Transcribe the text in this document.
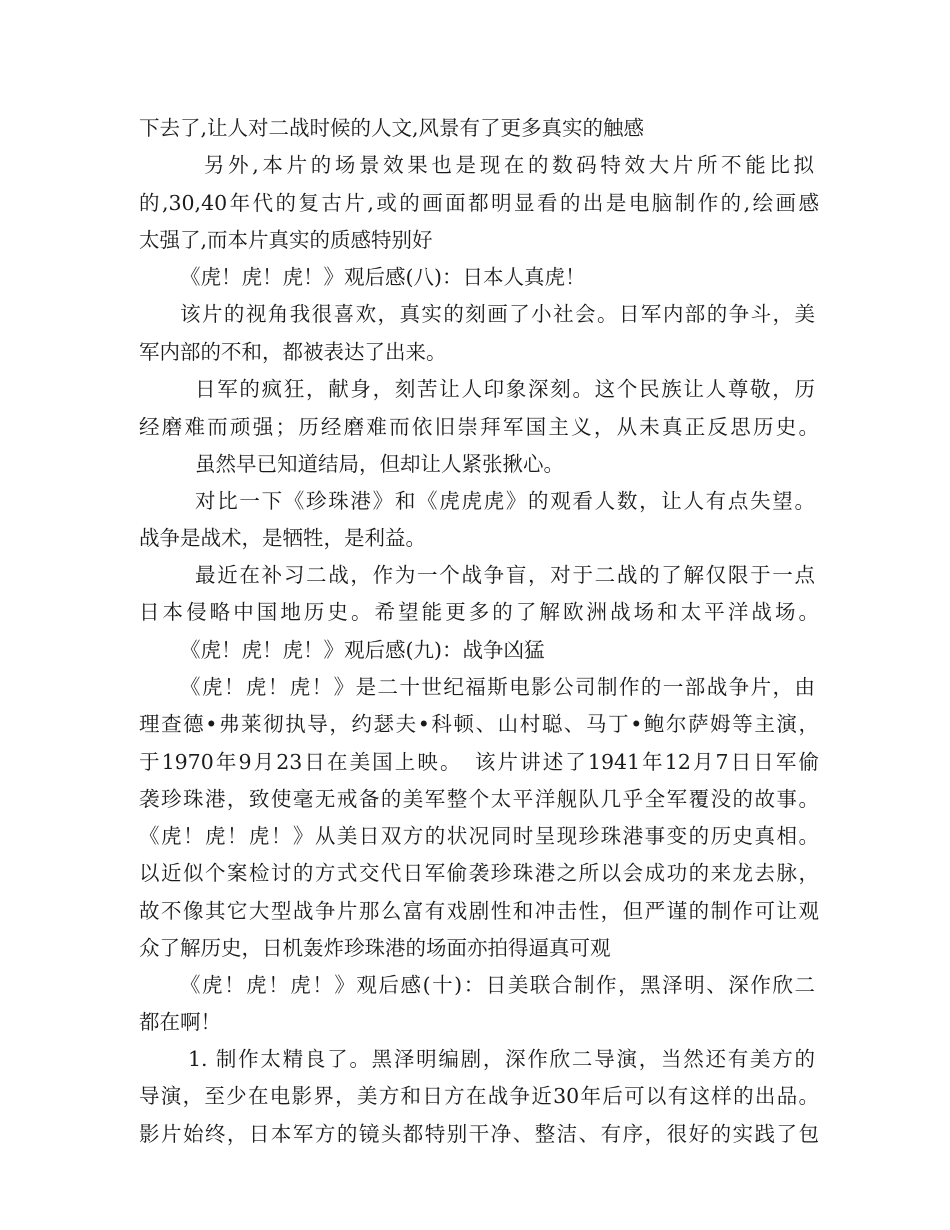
下去了,让人对二战时候的人文,风景有了更多真实的触感
另外,本片的场景效果也是现在的数码特效大片所不能比拟
的,30,40年代的复古片,或的画面都明显看的出是电脑制作的,绘画感
太强了,而本片真实的质感特别好
《虎！虎！虎！》观后感(八)：日本人真虎！
该片的视角我很喜欢，真实的刻画了小社会。日军内部的争斗，美
军内部的不和，都被表达了出来。
日军的疯狂，献身，刻苦让人印象深刻。这个民族让人尊敬，历
经磨难而顽强；历经磨难而依旧崇拜军国主义，从未真正反思历史。
虽然早已知道结局，但却让人紧张揪心。
对比一下《珍珠港》和《虎虎虎》的观看人数，让人有点失望。
战争是战术，是牺牲，是利益。
最近在补习二战，作为一个战争盲，对于二战的了解仅限于一点
日本侵略中国地历史。希望能更多的了解欧洲战场和太平洋战场。
《虎！虎！虎！》观后感(九)：战争凶猛
《虎！虎！虎！》是二十世纪福斯电影公司制作的一部战争片，由
理查德•弗莱彻执导，约瑟夫•科顿、山村聪、马丁•鲍尔萨姆等主演，
于1970年9月23日在美国上映。　该片讲述了1941年12月7日日军偷
袭珍珠港，致使毫无戒备的美军整个太平洋舰队几乎全军覆没的故事。
《虎！虎！虎！》从美日双方的状况同时呈现珍珠港事变的历史真相。
以近似个案检讨的方式交代日军偷袭珍珠港之所以会成功的来龙去脉，
故不像其它大型战争片那么富有戏剧性和冲击性，但严谨的制作可让观
众了解历史，日机轰炸珍珠港的场面亦拍得逼真可观
《虎！虎！虎！》观后感(十)：日美联合制作，黑泽明、深作欣二
都在啊！
1. 制作太精良了。黑泽明编剧，深作欣二导演，当然还有美方的
导演，至少在电影界，美方和日方在战争近30年后可以有这样的出品。
影片始终，日本军方的镜头都特别干净、整洁、有序，很好的实践了包
